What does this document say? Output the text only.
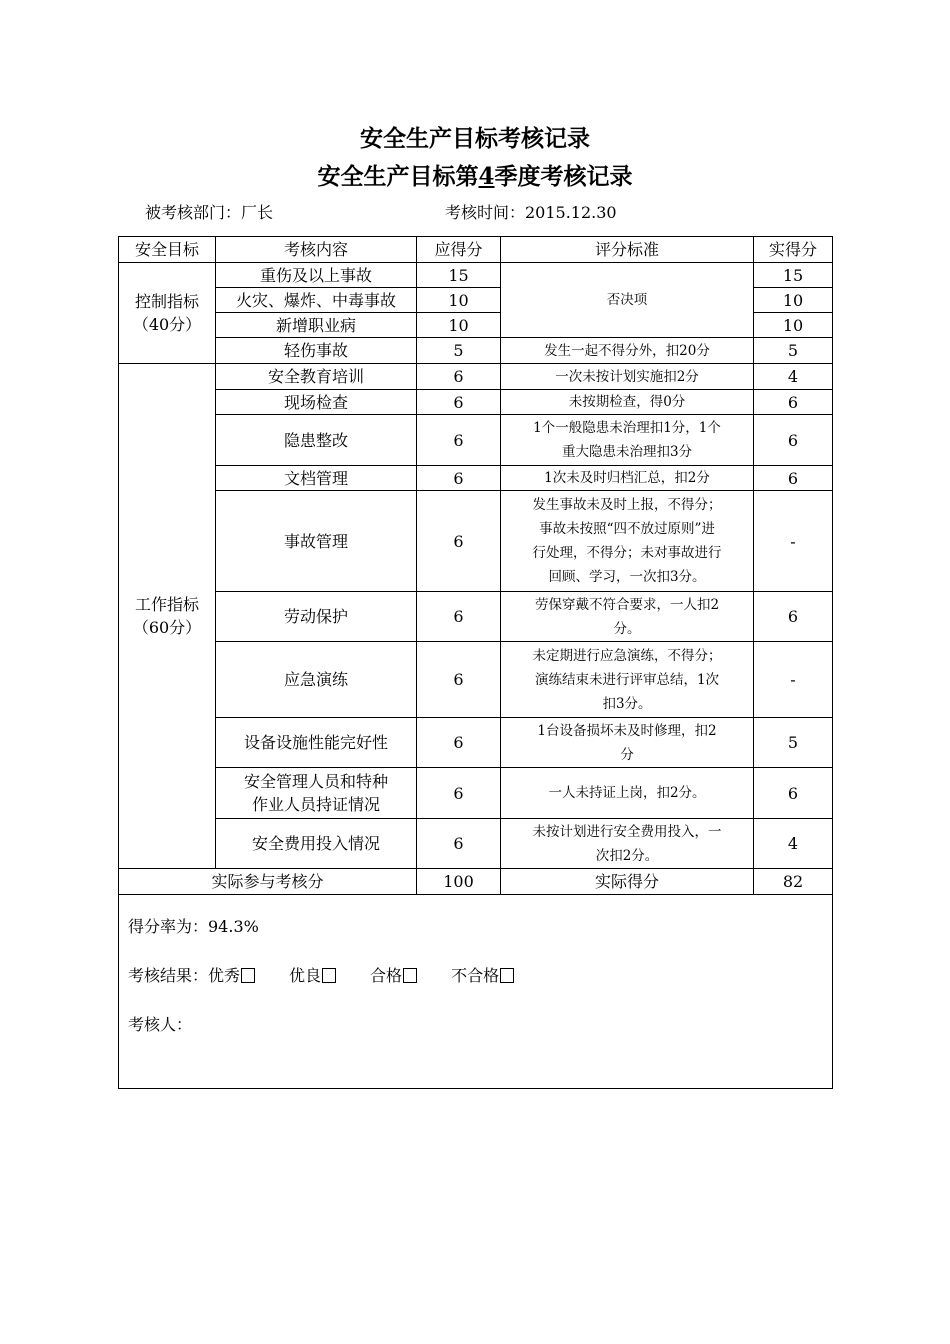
安全生产目标考核记录
安全生产目标第4季度考核记录
被考核部门：厂长	考核时间：2015.12.30
安全目标	考核内容	应得分	评分标准	实得分

控制指标
（40分）	重伤及以上事故	15	否决项	15
	火灾、爆炸、中毒事故	10		10
	新增职业病	10		10
	轻伤事故	5	发生一起不得分外，扣20分	5

工作指标
（60分）	安全教育培训	6	一次未按计划实施扣2分	4

	现场检查	6	未按期检查，得0分	6

	隐患整改	6	1个一般隐患未治理扣1分，1个
重大隐患未治理扣3分	6

	文档管理	6	1次未及时归档汇总，扣2分	6

	事故管理	6	发生事故未及时上报，不得分；
事故未按照“四不放过原则”进
行处理，不得分；未对事故进行
回顾、学习，一次扣3分。	-

	劳动保护	6	劳保穿戴不符合要求，一人扣2
分。	6

	应急演练	6	未定期进行应急演练，不得分；
演练结束未进行评审总结，1次
扣3分。	-

	设备设施性能完好性	6	1台设备损坏未及时修理，扣2
分	5

	安全管理人员和特种
作业人员持证情况	6	一人未持证上岗，扣2分。	6

	安全费用投入情况	6	未按计划进行安全费用投入，一
次扣2分。	4
实际参与考核分		100	实际得分	82

得分率为：94.3%
考核结果：优秀 优良 合格 不合格
考核人：				
